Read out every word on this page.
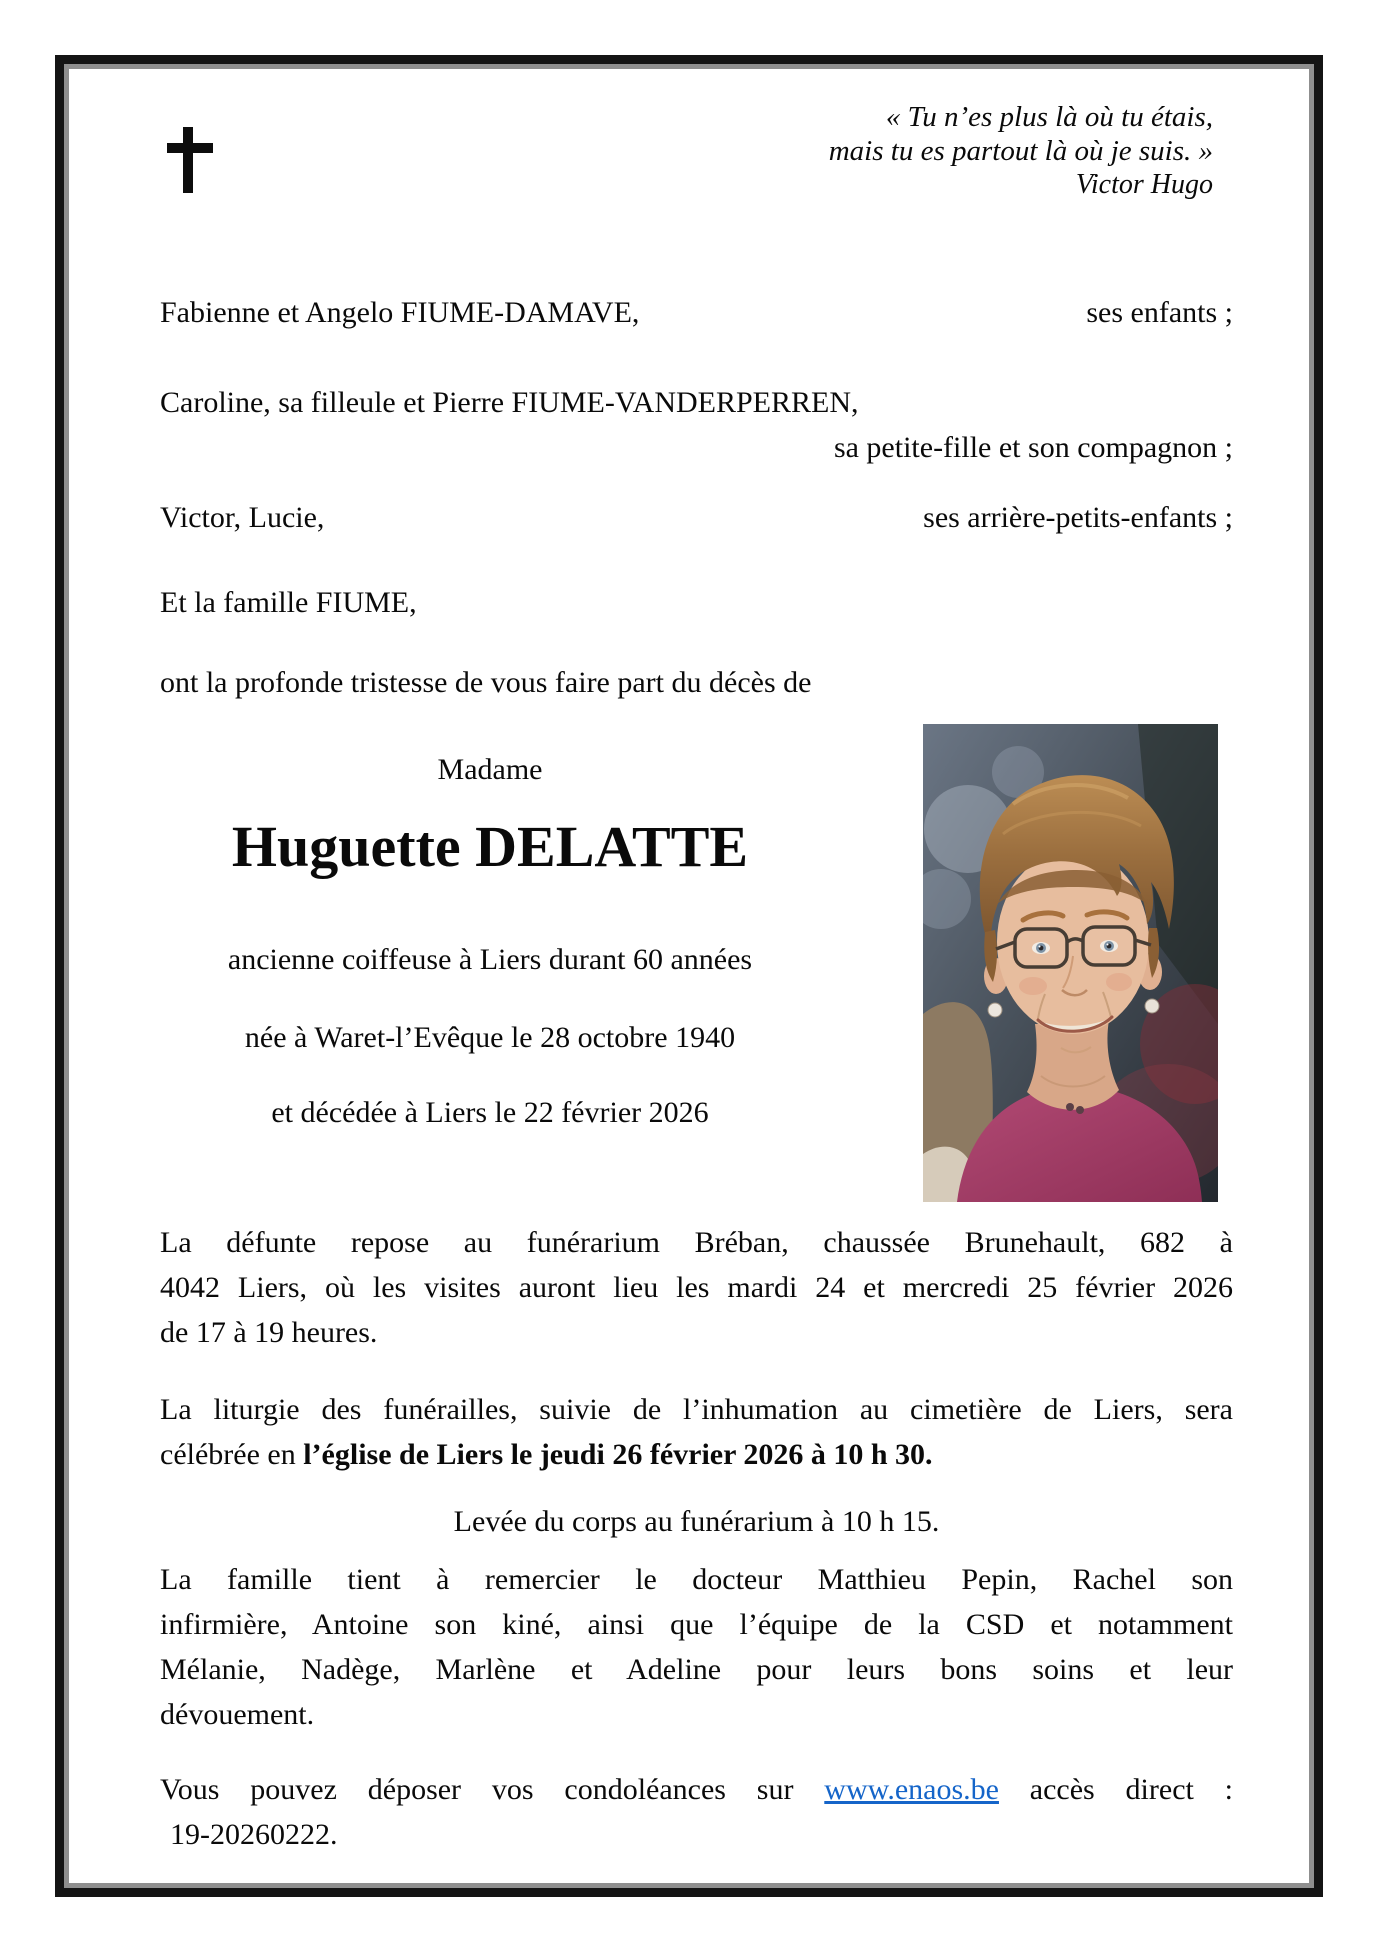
« Tu n’es plus là où tu étais,
mais tu es partout là où je suis. »
Victor Hugo
Fabienne et Angelo FIUME-DAMAVE,	ses enfants ;
Caroline, sa filleule et Pierre FIUME-VANDERPERREN,
sa petite-fille et son compagnon ;
Victor, Lucie,	ses arrière-petits-enfants ;
Et la famille FIUME,
ont la profonde tristesse de vous faire part du décès de
Madame
Huguette DELATTE
ancienne coiffeuse à Liers durant 60 années
née à Waret-l’Evêque le 28 octobre 1940
et décédée à Liers le 22 février 2026
La défunte repose au funérarium Bréban, chaussée Brunehault, 682 à
4042 Liers, où les visites auront lieu les mardi 24 et mercredi 25 février 2026
de 17 à 19 heures.
La liturgie des funérailles, suivie de l’inhumation au cimetière de Liers, sera
célébrée en l’église de Liers le jeudi 26 février 2026 à 10 h 30.
Levée du corps au funérarium à 10 h 15.
La famille tient à remercier le docteur Matthieu Pepin, Rachel son
infirmière, Antoine son kiné, ainsi que l’équipe de la CSD et notamment
Mélanie, Nadège, Marlène et Adeline pour leurs bons soins et leur
dévouement.
Vous pouvez déposer vos condoléances sur www.enaos.be accès direct :
19-20260222.
